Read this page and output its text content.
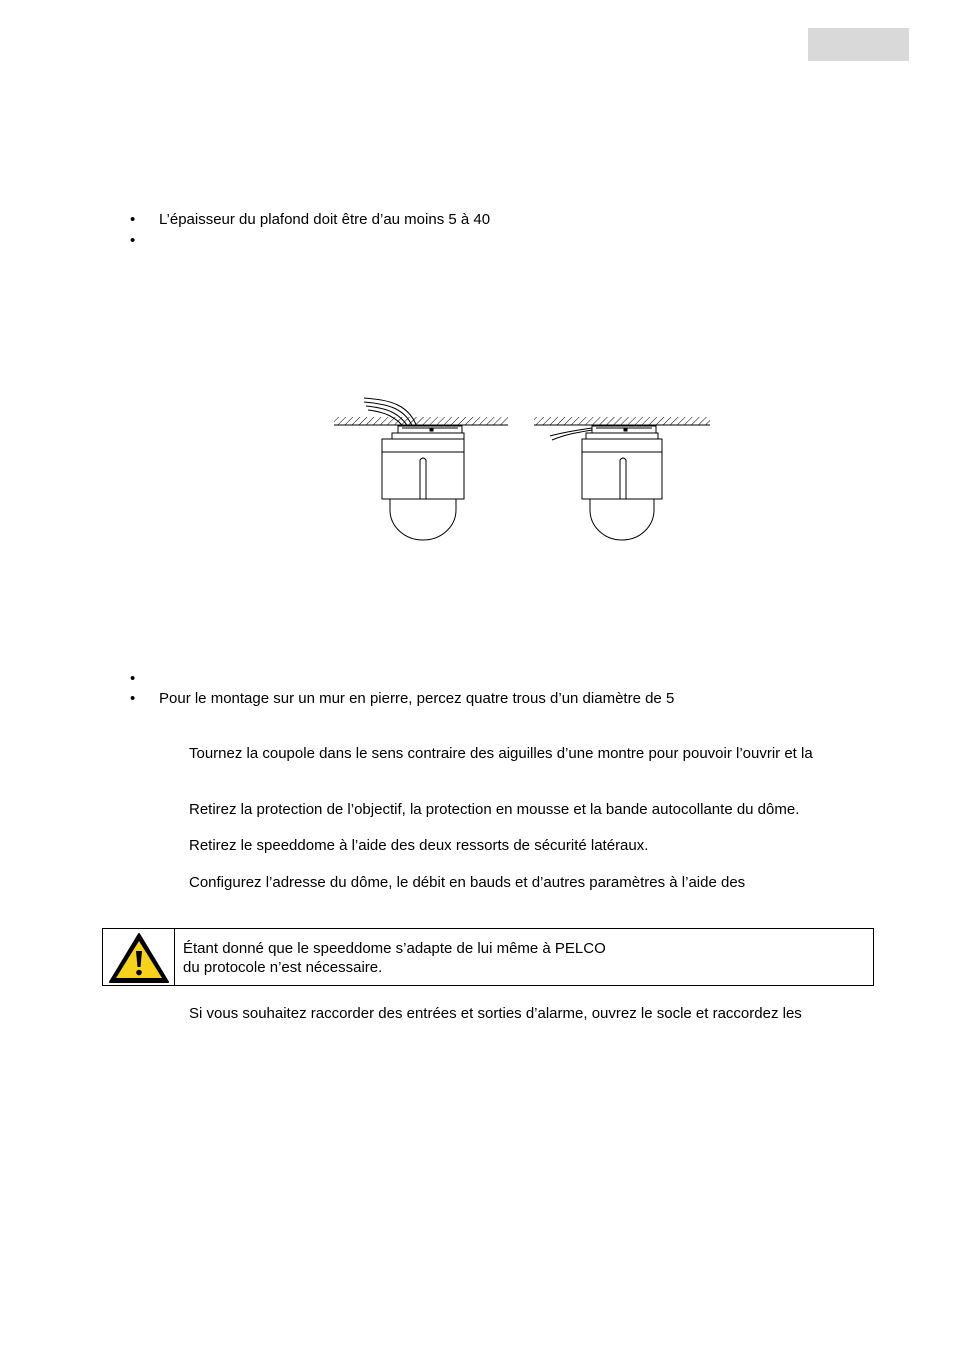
•	L’épaisseur du plafond doit être d’au moins 5 à 40
•
•
•	Pour le montage sur un mur en pierre, percez quatre trous d’un diamètre de 5
Tournez la coupole dans le sens contraire des aiguilles d’une montre pour pouvoir l’ouvrir et la
Retirez la protection de l’objectif, la protection en mousse et la bande autocollante du dôme.
Retirez le speeddome à l’aide des deux ressorts de sécurité latéraux.
Configurez l’adresse du dôme, le débit en bauds et d’autres paramètres à l’aide des
Étant donné que le speeddome s’adapte de lui même à PELCO
du protocole n’est nécessaire.
Si vous souhaitez raccorder des entrées et sorties d’alarme, ouvrez le socle et raccordez les
